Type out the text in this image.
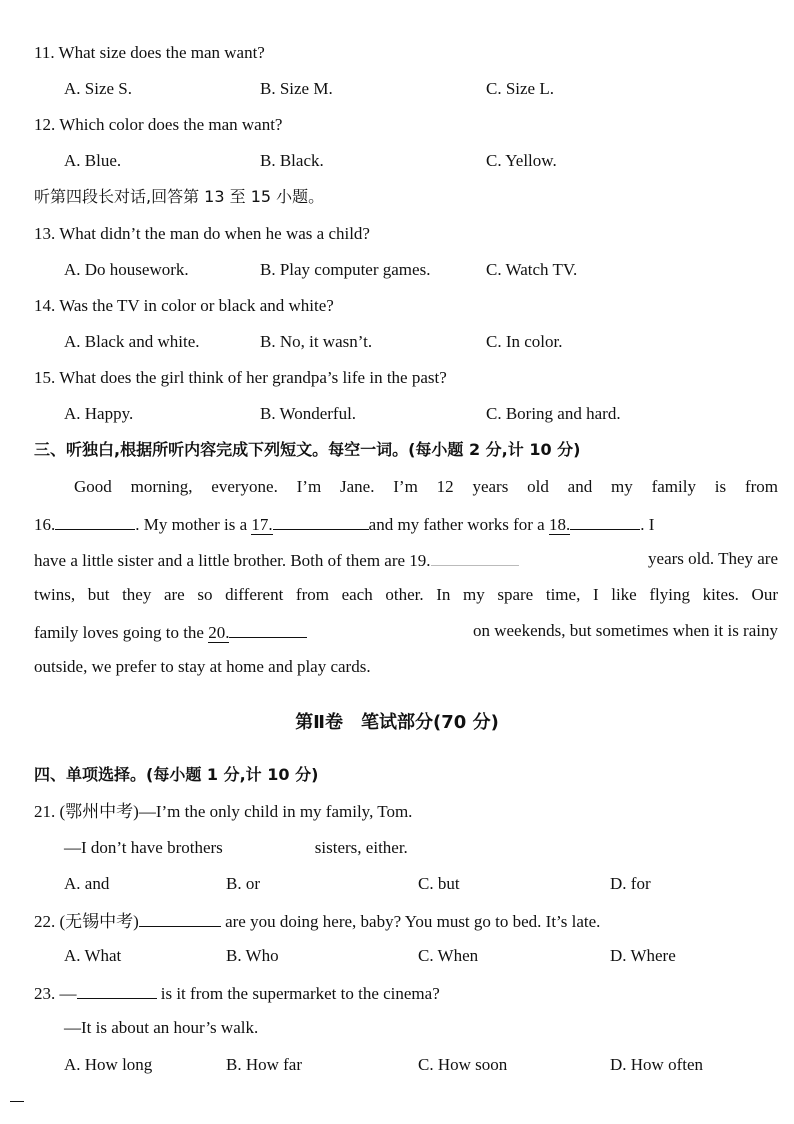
11. What size does the man want?
A. Size S.	B. Size M.	C. Size L.
12. Which color does the man want?
A. Blue.	B. Black.	C. Yellow.
听第四段长对话,回答第 13 至 15 小题。
13. What didn’t the man do when he was a child?
A. Do housework.	B. Play computer games.	C. Watch TV.
14. Was the TV in color or black and white?
A. Black and white.	B. No, it wasn’t.	C. In color.
15. What does the girl think of her grandpa’s life in the past?
A. Happy.	B. Wonderful.	C. Boring and hard.
三、听独白,根据所听内容完成下列短文。每空一词。(每小题 2 分,计 10 分)
Good morning, everyone. I’m Jane. I’m 12 years old and my family is from
16.	. My mother is a 17.	and my father works for a 18.	. I
have a little sister and a little brother. Both of them are 19.	years old. They are
twins, but they are so different from each other. In my spare time, I like flying kites. Our
family loves going to the 20.	on weekends, but sometimes when it is rainy
outside, we prefer to stay at home and play cards.
第Ⅱ卷　笔试部分(70 分)
四、单项选择。(每小题 1 分,计 10 分)
21. (鄂州中考)—I’m the only child in my family, Tom.
—I don’t have brothers	sisters, either.
A. and	B. or	C. but	D. for
22. (无锡中考)	are you doing here, baby? You must go to bed. It’s late.
A. What	B. Who	C. When	D. Where
23. —	is it from the supermarket to the cinema?
—It is about an hour’s walk.
A. How long	B. How far	C. How soon	D. How often
